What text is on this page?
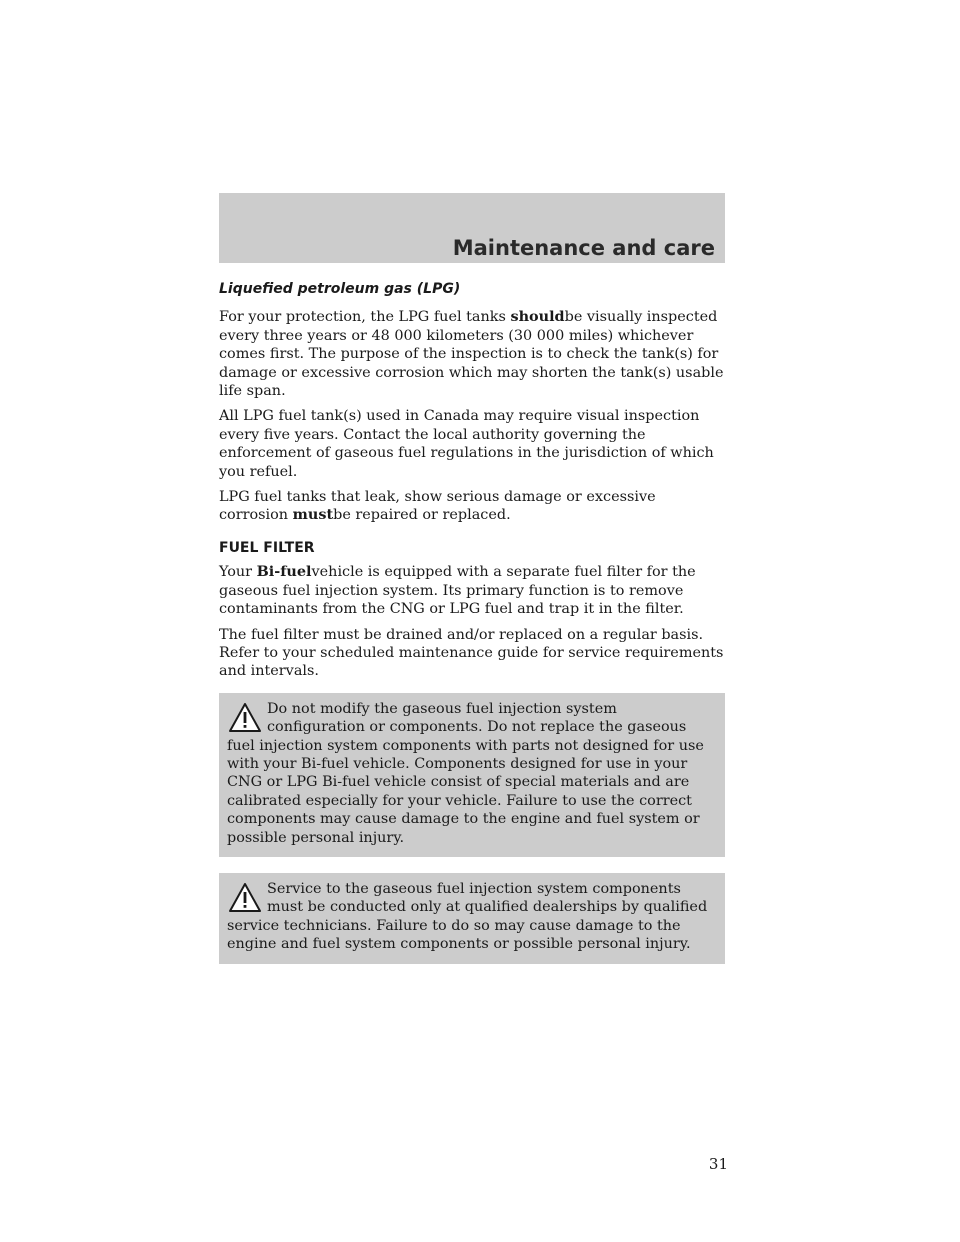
Maintenance and care
Liquefied petroleum gas (LPG)

For your protection, the LPG fuel tanks shouldbe visually inspected every three years or 48 000 kilometers (30 000 miles) whichever comes first. The purpose of the inspection is to check the tank(s) for damage or excessive corrosion which may shorten the tank(s) usable life span.

All LPG fuel tank(s) used in Canada may require visual inspection every five years. Contact the local authority governing the enforcement of gaseous fuel regulations in the jurisdiction of which you refuel.

LPG fuel tanks that leak, show serious damage or excessive corrosion mustbe repaired or replaced.

FUEL FILTER

Your Bi-fuelvehicle is equipped with a separate fuel filter for the gaseous fuel injection system. Its primary function is to remove contaminants from the CNG or LPG fuel and trap it in the filter.

The fuel filter must be drained and/or replaced on a regular basis. Refer to your scheduled maintenance guide for service requirements and intervals.

Do not modify the gaseous fuel injection system configuration or components. Do not replace the gaseous fuel injection system components with parts not designed for use with your Bi-fuel vehicle. Components designed for use in your CNG or LPG Bi-fuel vehicle consist of special materials and are calibrated especially for your vehicle. Failure to use the correct components may cause damage to the engine and fuel system or possible personal injury.
Service to the gaseous fuel injection system components must be conducted only at qualified dealerships by qualified service technicians. Failure to do so may cause damage to the engine and fuel system components or possible personal injury.
31
